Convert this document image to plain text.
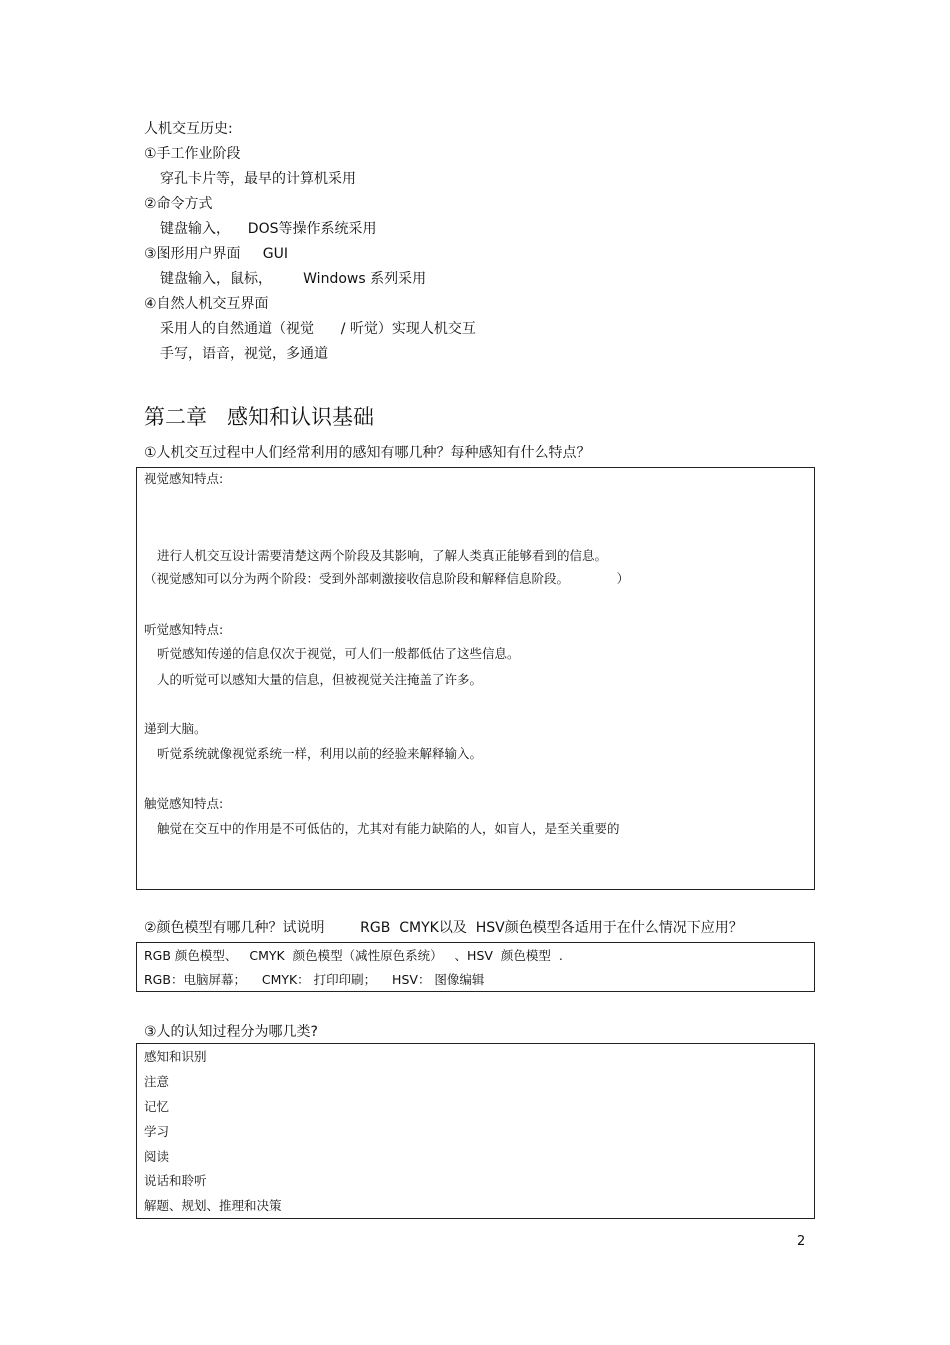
人机交互历史:
①手工作业阶段
穿孔卡片等，最早的计算机采用
②命令方式
键盘输入，    DOS等操作系统采用
③图形用户界面     GUI
键盘输入，鼠标，       Windows 系列采用
④自然人机交互界面
采用人的自然通道（视觉      / 听觉）实现人机交互
手写，语音，视觉，多通道
第二章   感知和认识基础
①人机交互过程中人们经常利用的感知有哪几种？每种感知有什么特点？
视觉感知特点:
进行人机交互设计需要清楚这两个阶段及其影响，了解人类真正能够看到的信息。
（视觉感知可以分为两个阶段：受到外部刺激接收信息阶段和解释信息阶段。            ）
听觉感知特点:
听觉感知传递的信息仅次于视觉，可人们一般都低估了这些信息。
人的听觉可以感知大量的信息，但被视觉关注掩盖了许多。
递到大脑。
听觉系统就像视觉系统一样，利用以前的经验来解释输入。
触觉感知特点:
触觉在交互中的作用是不可低估的，尤其对有能力缺陷的人，如盲人，是至关重要的
②颜色模型有哪几种？试说明        RGB  CMYK以及  HSV颜色模型各适用于在什么情况下应用？
RGB 颜色模型、   CMYK  颜色模型（减性原色系统）   、HSV  颜色模型  .
RGB：电脑屏幕；    CMYK： 打印印刷；    HSV： 图像编辑
③人的认知过程分为哪几类?
感知和识别
注意
记忆
学习
阅读
说话和聆听
解题、规划、推理和决策
2
